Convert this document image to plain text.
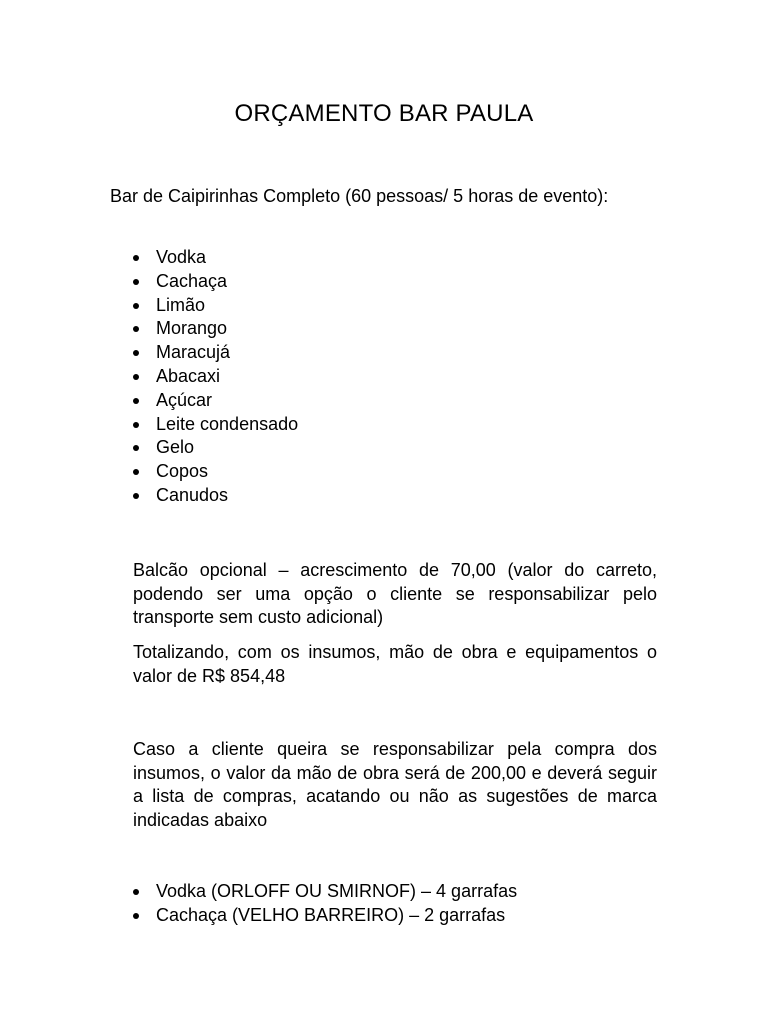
ORÇAMENTO BAR PAULA
Bar de Caipirinhas Completo (60 pessoas/ 5 horas de evento):
Vodka
Cachaça
Limão
Morango
Maracujá
Abacaxi
Açúcar
Leite condensado
Gelo
Copos
Canudos
Balcão opcional – acrescimento de 70,00 (valor do carreto, podendo ser uma opção o cliente se responsabilizar pelo transporte sem custo adicional)
Totalizando, com os insumos, mão de obra e equipamentos o valor de R$ 854,48
Caso a cliente queira se responsabilizar pela compra dos insumos, o valor da mão de obra será de 200,00 e deverá seguir a lista de compras, acatando ou não as sugestões de marca indicadas abaixo
Vodka (ORLOFF OU SMIRNOF) – 4 garrafas
Cachaça (VELHO BARREIRO) – 2 garrafas
